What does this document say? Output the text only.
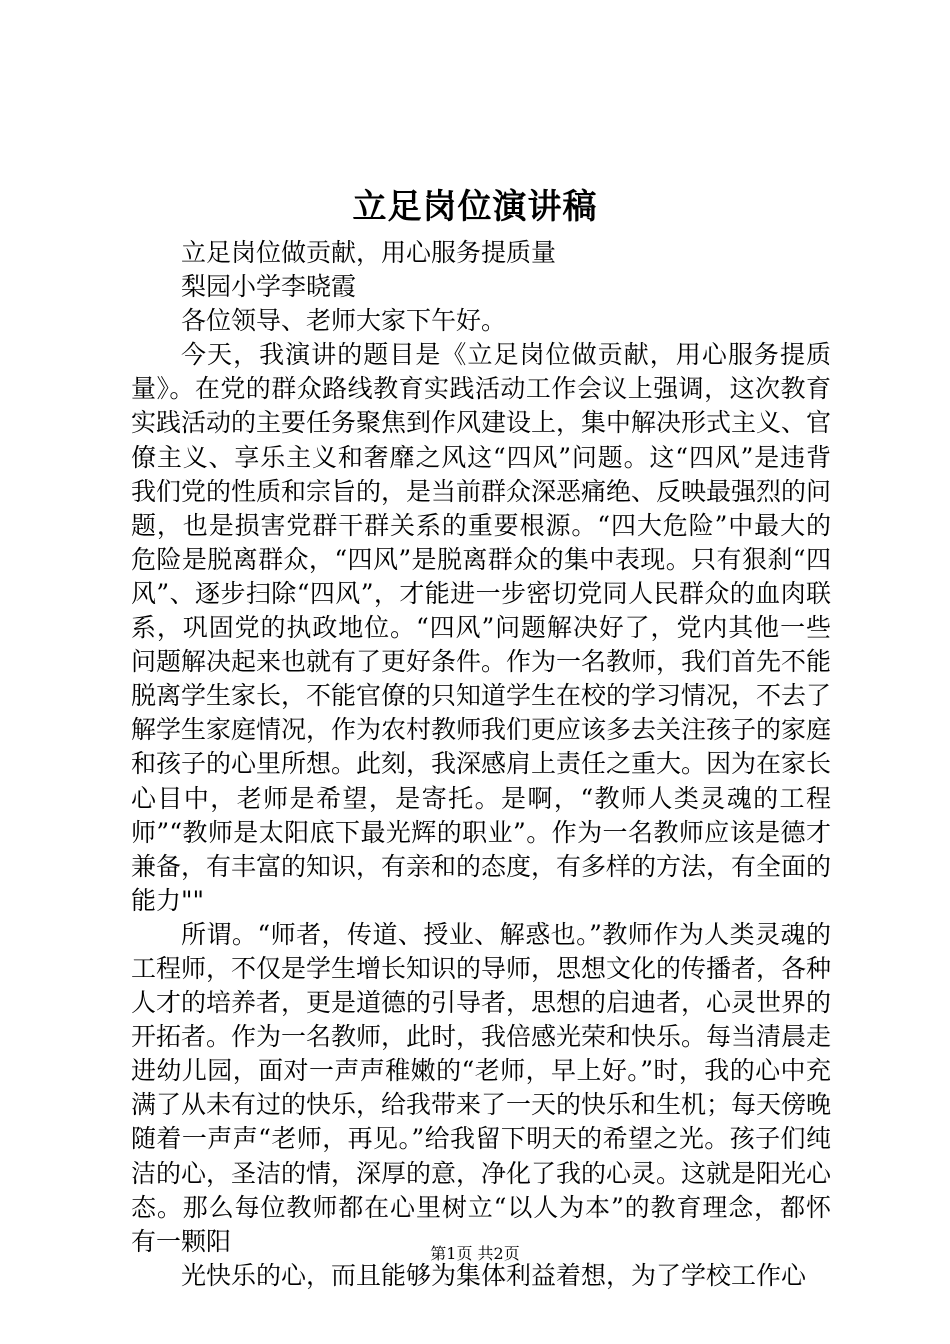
立足岗位演讲稿

立足岗位做贡献，用心服务提质量

梨园小学李晓霞

各位领导、老师大家下午好。

今天，我演讲的题目是《立足岗位做贡献，用心服务提质量》。在党的群众路线教育实践活动工作会议上强调，这次教育实践活动的主要任务聚焦到作风建设上，集中解决形式主义、官僚主义、享乐主义和奢靡之风这“四风”问题。这“四风”是违背我们党的性质和宗旨的，是当前群众深恶痛绝、反映最强烈的问题，也是损害党群干群关系的重要根源。“四大危险”中最大的危险是脱离群众，“四风”是脱离群众的集中表现。只有狠刹“四风”、逐步扫除“四风”，才能进一步密切党同人民群众的血肉联系，巩固党的执政地位。“四风”问题解决好了，党内其他一些问题解决起来也就有了更好条件。作为一名教师，我们首先不能脱离学生家长，不能官僚的只知道学生在校的学习情况，不去了解学生家庭情况，作为农村教师我们更应该多去关注孩子的家庭和孩子的心里所想。此刻，我深感肩上责任之重大。因为在家长心目中，老师是希望，是寄托。是啊，“教师人类灵魂的工程师”“教师是太阳底下最光辉的职业”。作为一名教师应该是德才兼备，有丰富的知识，有亲和的态度，有多样的方法，有全面的能力""

所谓。“师者，传道、授业、解惑也。”教师作为人类灵魂的工程师，不仅是学生增长知识的导师，思想文化的传播者，各种人才的培养者，更是道德的引导者，思想的启迪者，心灵世界的开拓者。作为一名教师，此时，我倍感光荣和快乐。每当清晨走进幼儿园，面对一声声稚嫩的“老师，早上好。”时，我的心中充满了从未有过的快乐，给我带来了一天的快乐和生机；每天傍晚随着一声声“老师，再见。”给我留下明天的希望之光。孩子们纯洁的心，圣洁的情，深厚的意，净化了我的心灵。这就是阳光心态。那么每位教师都在心里树立“以人为本”的教育理念，都怀有一颗阳

光快乐的心，而且能够为集体利益着想，为了学校工作心

第1页 共2页
